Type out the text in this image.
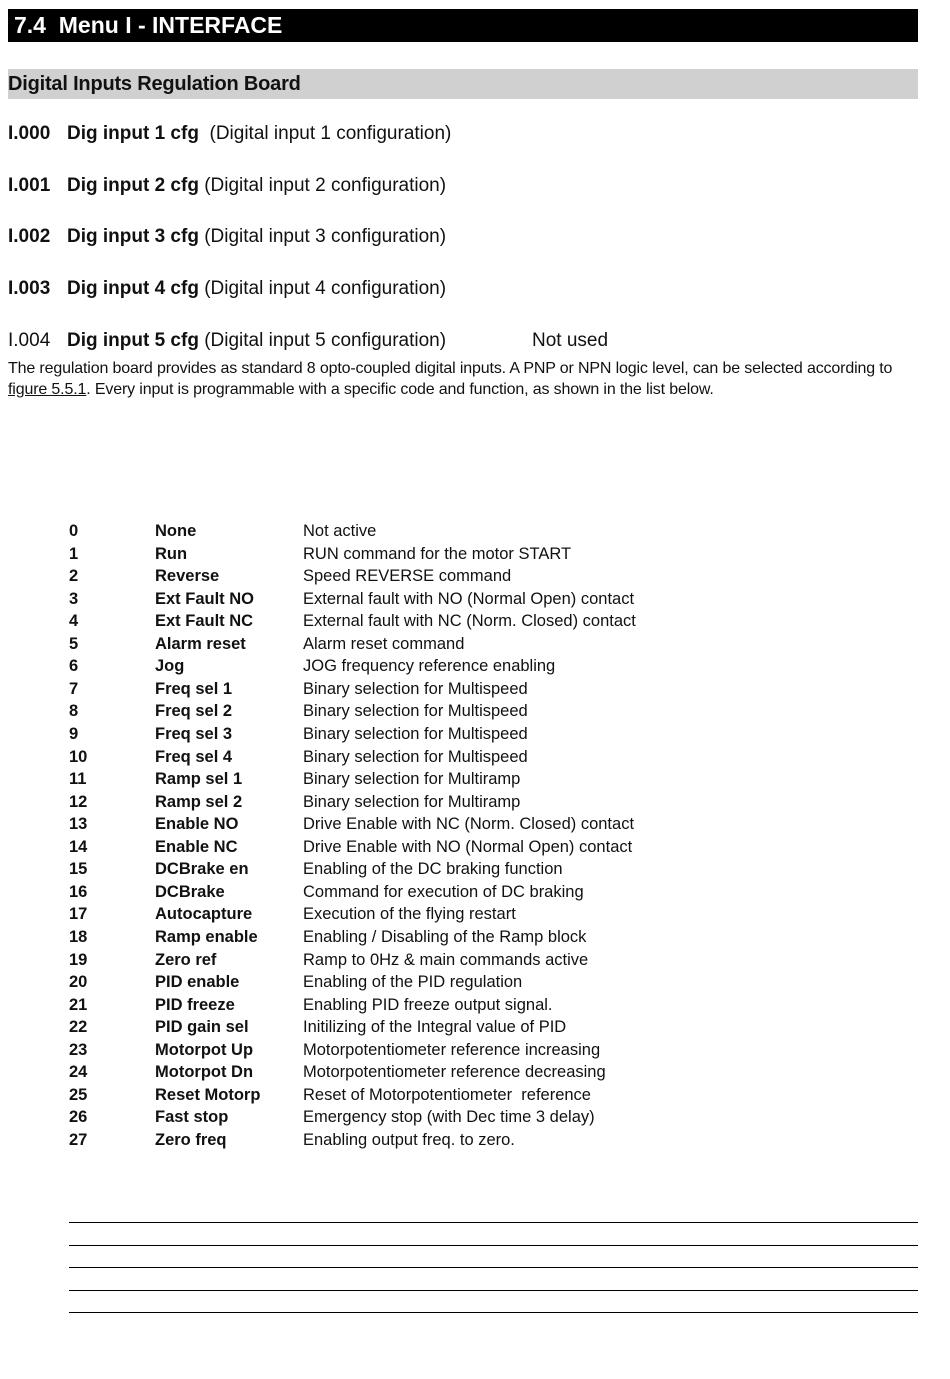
7.4 Menu I - INTERFACE
Digital Inputs Regulation Board
I.000 Dig input 1 cfg (Digital input 1 configuration)
I.001 Dig input 2 cfg (Digital input 2 configuration)
I.002 Dig input 3 cfg (Digital input 3 configuration)
I.003 Dig input 4 cfg (Digital input 4 configuration)
I.004 Dig input 5 cfg (Digital input 5 configuration)	Not used
The regulation board provides as standard 8 opto-coupled digital inputs. A PNP or NPN logic level, can be selected according to figure 5.5.1. Every input is programmable with a specific code and function, as shown in the list below.
0	None	Not active
1	Run	RUN command for the motor START
2	Reverse	Speed REVERSE command
3	Ext Fault NO	External fault with NO (Normal Open) contact
4	Ext Fault NC	External fault with NC (Norm. Closed) contact
5	Alarm reset	Alarm reset command
6	Jog	JOG frequency reference enabling
7	Freq sel 1	Binary selection for Multispeed
8	Freq sel 2	Binary selection for Multispeed
9	Freq sel 3	Binary selection for Multispeed
10	Freq sel 4	Binary selection for Multispeed
11	Ramp sel 1	Binary selection for Multiramp
12	Ramp sel 2	Binary selection for Multiramp
13	Enable NO	Drive Enable with NC (Norm. Closed) contact
14	Enable NC	Drive Enable with NO (Normal Open) contact
15	DCBrake en	Enabling of the DC braking function
16	DCBrake	Command for execution of DC braking
17	Autocapture	Execution of the flying restart
18	Ramp enable	Enabling / Disabling of the Ramp block
19	Zero ref	Ramp to 0Hz & main commands active
20	PID enable	Enabling of the PID regulation
21	PID freeze	Enabling PID freeze output signal.
22	PID gain sel	Initilizing of the Integral value of PID
23	Motorpot Up	Motorpotentiometer reference increasing
24	Motorpot Dn	Motorpotentiometer reference decreasing
25	Reset Motorp	Reset of Motorpotentiometer  reference
26	Fast stop	Emergency stop (with Dec time 3 delay)
27	Zero freq	Enabling output freq. to zero.
